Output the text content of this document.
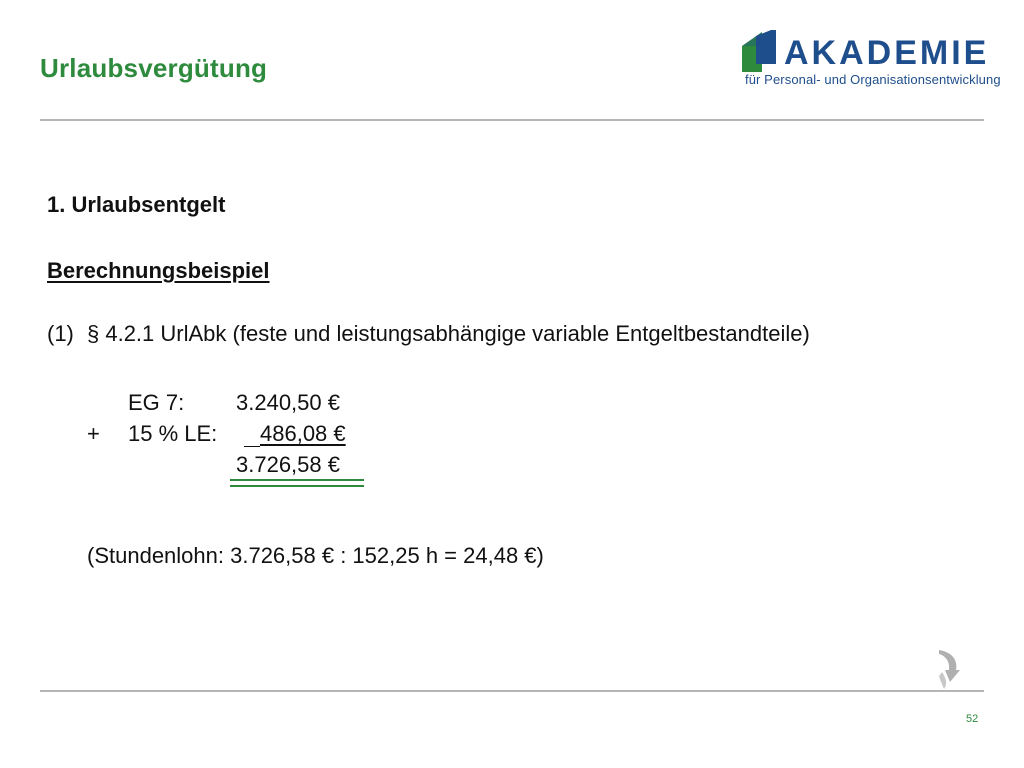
Urlaubsvergütung	AKADEMIE
für Personal- und Organisationsentwicklung
1. Urlaubsentgelt
Berechnungsbeispiel
(1) § 4.2.1 UrlAbk (feste und leistungsabhängige variable Entgeltbestandteile)
EG 7: 3.240,50 €
+ 15 % LE:	486,08 €
3.726,58 €
(Stundenlohn: 3.726,58 € : 152,25 h = 24,48 €)
52
